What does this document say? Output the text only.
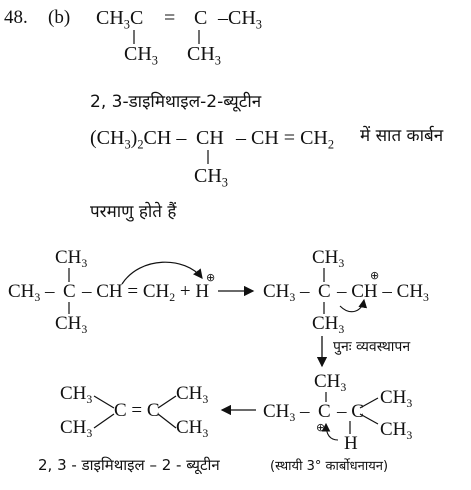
48. (b) $CH_3C = C$ $-CH_3$
$CH_3$ $CH_3$
2, 3-डाइमिथाइल-2-ब्यूटीन
$(CH_3)_2CH$ – CH – CH = $CH_2$ में सात कार्बन
$CH_3$
परमाणु होते हैं
$CH_3$
$CH_3$ – C – CH = $CH_2 + H$
⊕
$CH_3$
$CH_3$
$CH_3$ – C – CH – $CH_3$
⊕
$CH_3$
पुनः व्यवस्थापन
$CH_3$
$CH_3$ – C – C
$CH_3$
$CH_3$
⊕
H
(स्थायी 3° कार्बोधनायन)
$CH_3$
$CH_3$
C = C
$CH_3$
$CH_3$
2, 3 - डाइमिथाइल – 2 - ब्यूटीन
